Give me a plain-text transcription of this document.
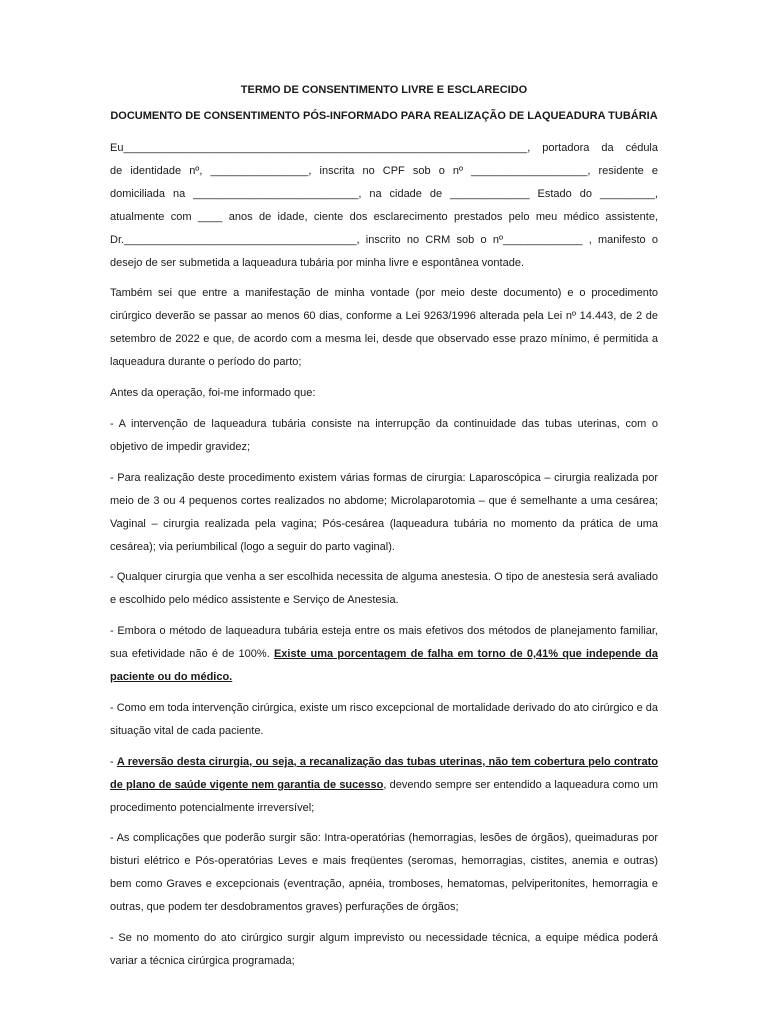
TERMO DE CONSENTIMENTO LIVRE E ESCLARECIDO

DOCUMENTO DE CONSENTIMENTO PÓS-INFORMADO PARA REALIZAÇÃO DE LAQUEADURA TUBÁRIA

Eu__________________________________________________________________, portadora da cédula
de identidade nº, ________________, inscrita no CPF sob o nº ___________________, residente e
domiciliada na ___________________________, na cidade de _____________ Estado do _________,
atualmente com ____ anos de idade, ciente dos esclarecimento prestados pelo meu médico assistente,
Dr.______________________________________, inscrito no CRM sob o nº_____________ , manifesto o
desejo de ser submetida a laqueadura tubária por minha livre e espontânea vontade.

Também sei que entre a manifestação de minha vontade (por meio deste documento) e o procedimento cirúrgico deverão se passar ao menos 60 dias, conforme a Lei 9263/1996 alterada pela Lei nº 14.443, de 2 de setembro de 2022 e que, de acordo com a mesma lei, desde que observado esse prazo mínimo, é permitida a laqueadura durante o período do parto;

Antes da operação, foi-me informado que:

- A intervenção de laqueadura tubária consiste na interrupção da continuidade das tubas uterinas, com o objetivo de impedir gravidez;

- Para realização deste procedimento existem várias formas de cirurgia: Laparoscópica – cirurgia realizada por meio de 3 ou 4 pequenos cortes realizados no abdome; Microlaparotomia – que é semelhante a uma cesárea; Vaginal – cirurgia realizada pela vagina; Pós-cesárea (laqueadura tubária no momento da prática de uma cesárea); via periumbilical (logo a seguir do parto vaginal).

- Qualquer cirurgia que venha a ser escolhida necessita de alguma anestesia. O tipo de anestesia será avaliado e escolhido pelo médico assistente e Serviço de Anestesia.

- Embora o método de laqueadura tubária esteja entre os mais efetivos dos métodos de planejamento familiar, sua efetividade não é de 100%. Existe uma porcentagem de falha em torno de 0,41% que independe da paciente ou do médico.

- Como em toda intervenção cirúrgica, existe um risco excepcional de mortalidade derivado do ato cirúrgico e da situação vital de cada paciente.

- A reversão desta cirurgia, ou seja, a recanalização das tubas uterinas, não tem cobertura pelo contrato de plano de saúde vigente nem garantia de sucesso, devendo sempre ser entendido a laqueadura como um procedimento potencialmente irreversível;

- As complicações que poderão surgir são: Intra-operatórias (hemorragias, lesões de órgãos), queimaduras por bisturi elétrico e Pós-operatórias Leves e mais freqüentes (seromas, hemorragias, cistites, anemia e outras) bem como Graves e excepcionais (eventração, apnéia, tromboses, hematomas, pelviperitonites, hemorragia e outras, que podem ter desdobramentos graves) perfurações de órgãos;

- Se no momento do ato cirúrgico surgir algum imprevisto ou necessidade técnica, a equipe médica poderá variar a técnica cirúrgica programada;
